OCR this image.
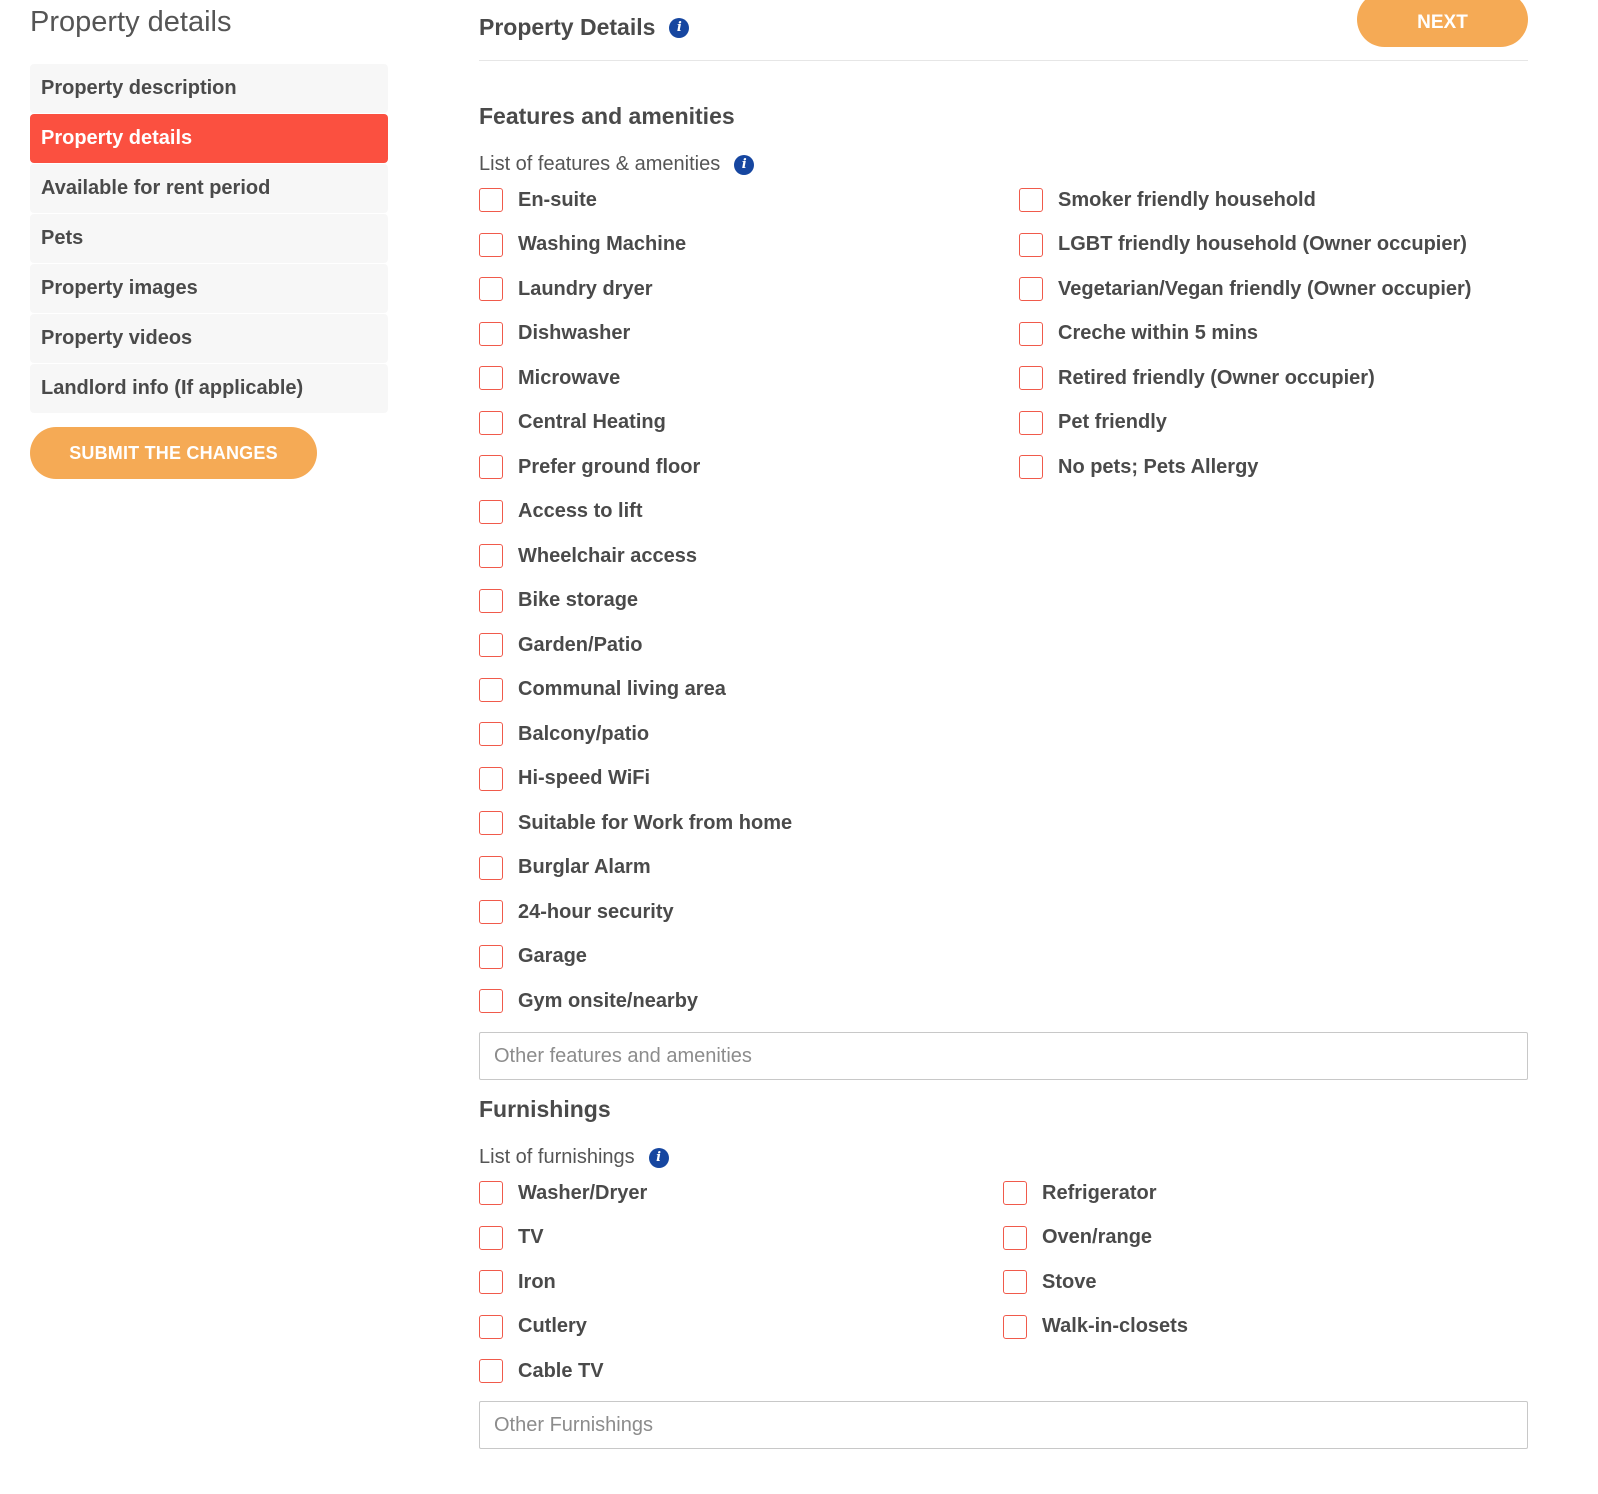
Property details
Property description
Property details
Available for rent period
Pets
Property images
Property videos
Landlord info (If applicable)
SUBMIT THE CHANGES
Property Details	i	NEXT
Features and amenities
List of features & amenities	i
En-suite
Washing Machine
Laundry dryer
Dishwasher
Microwave
Central Heating
Prefer ground floor
Access to lift
Wheelchair access
Bike storage
Garden/Patio
Communal living area
Balcony/patio
Hi-speed WiFi
Suitable for Work from home
Burglar Alarm
24-hour security
Garage
Gym onsite/nearby
Smoker friendly household
LGBT friendly household (Owner occupier)
Vegetarian/Vegan friendly (Owner occupier)
Creche within 5 mins
Retired friendly (Owner occupier)
Pet friendly
No pets; Pets Allergy
Other features and amenities
Furnishings
List of furnishings	i
Washer/Dryer
TV
Iron
Cutlery
Cable TV
Refrigerator
Oven/range
Stove
Walk-in-closets
Other Furnishings
